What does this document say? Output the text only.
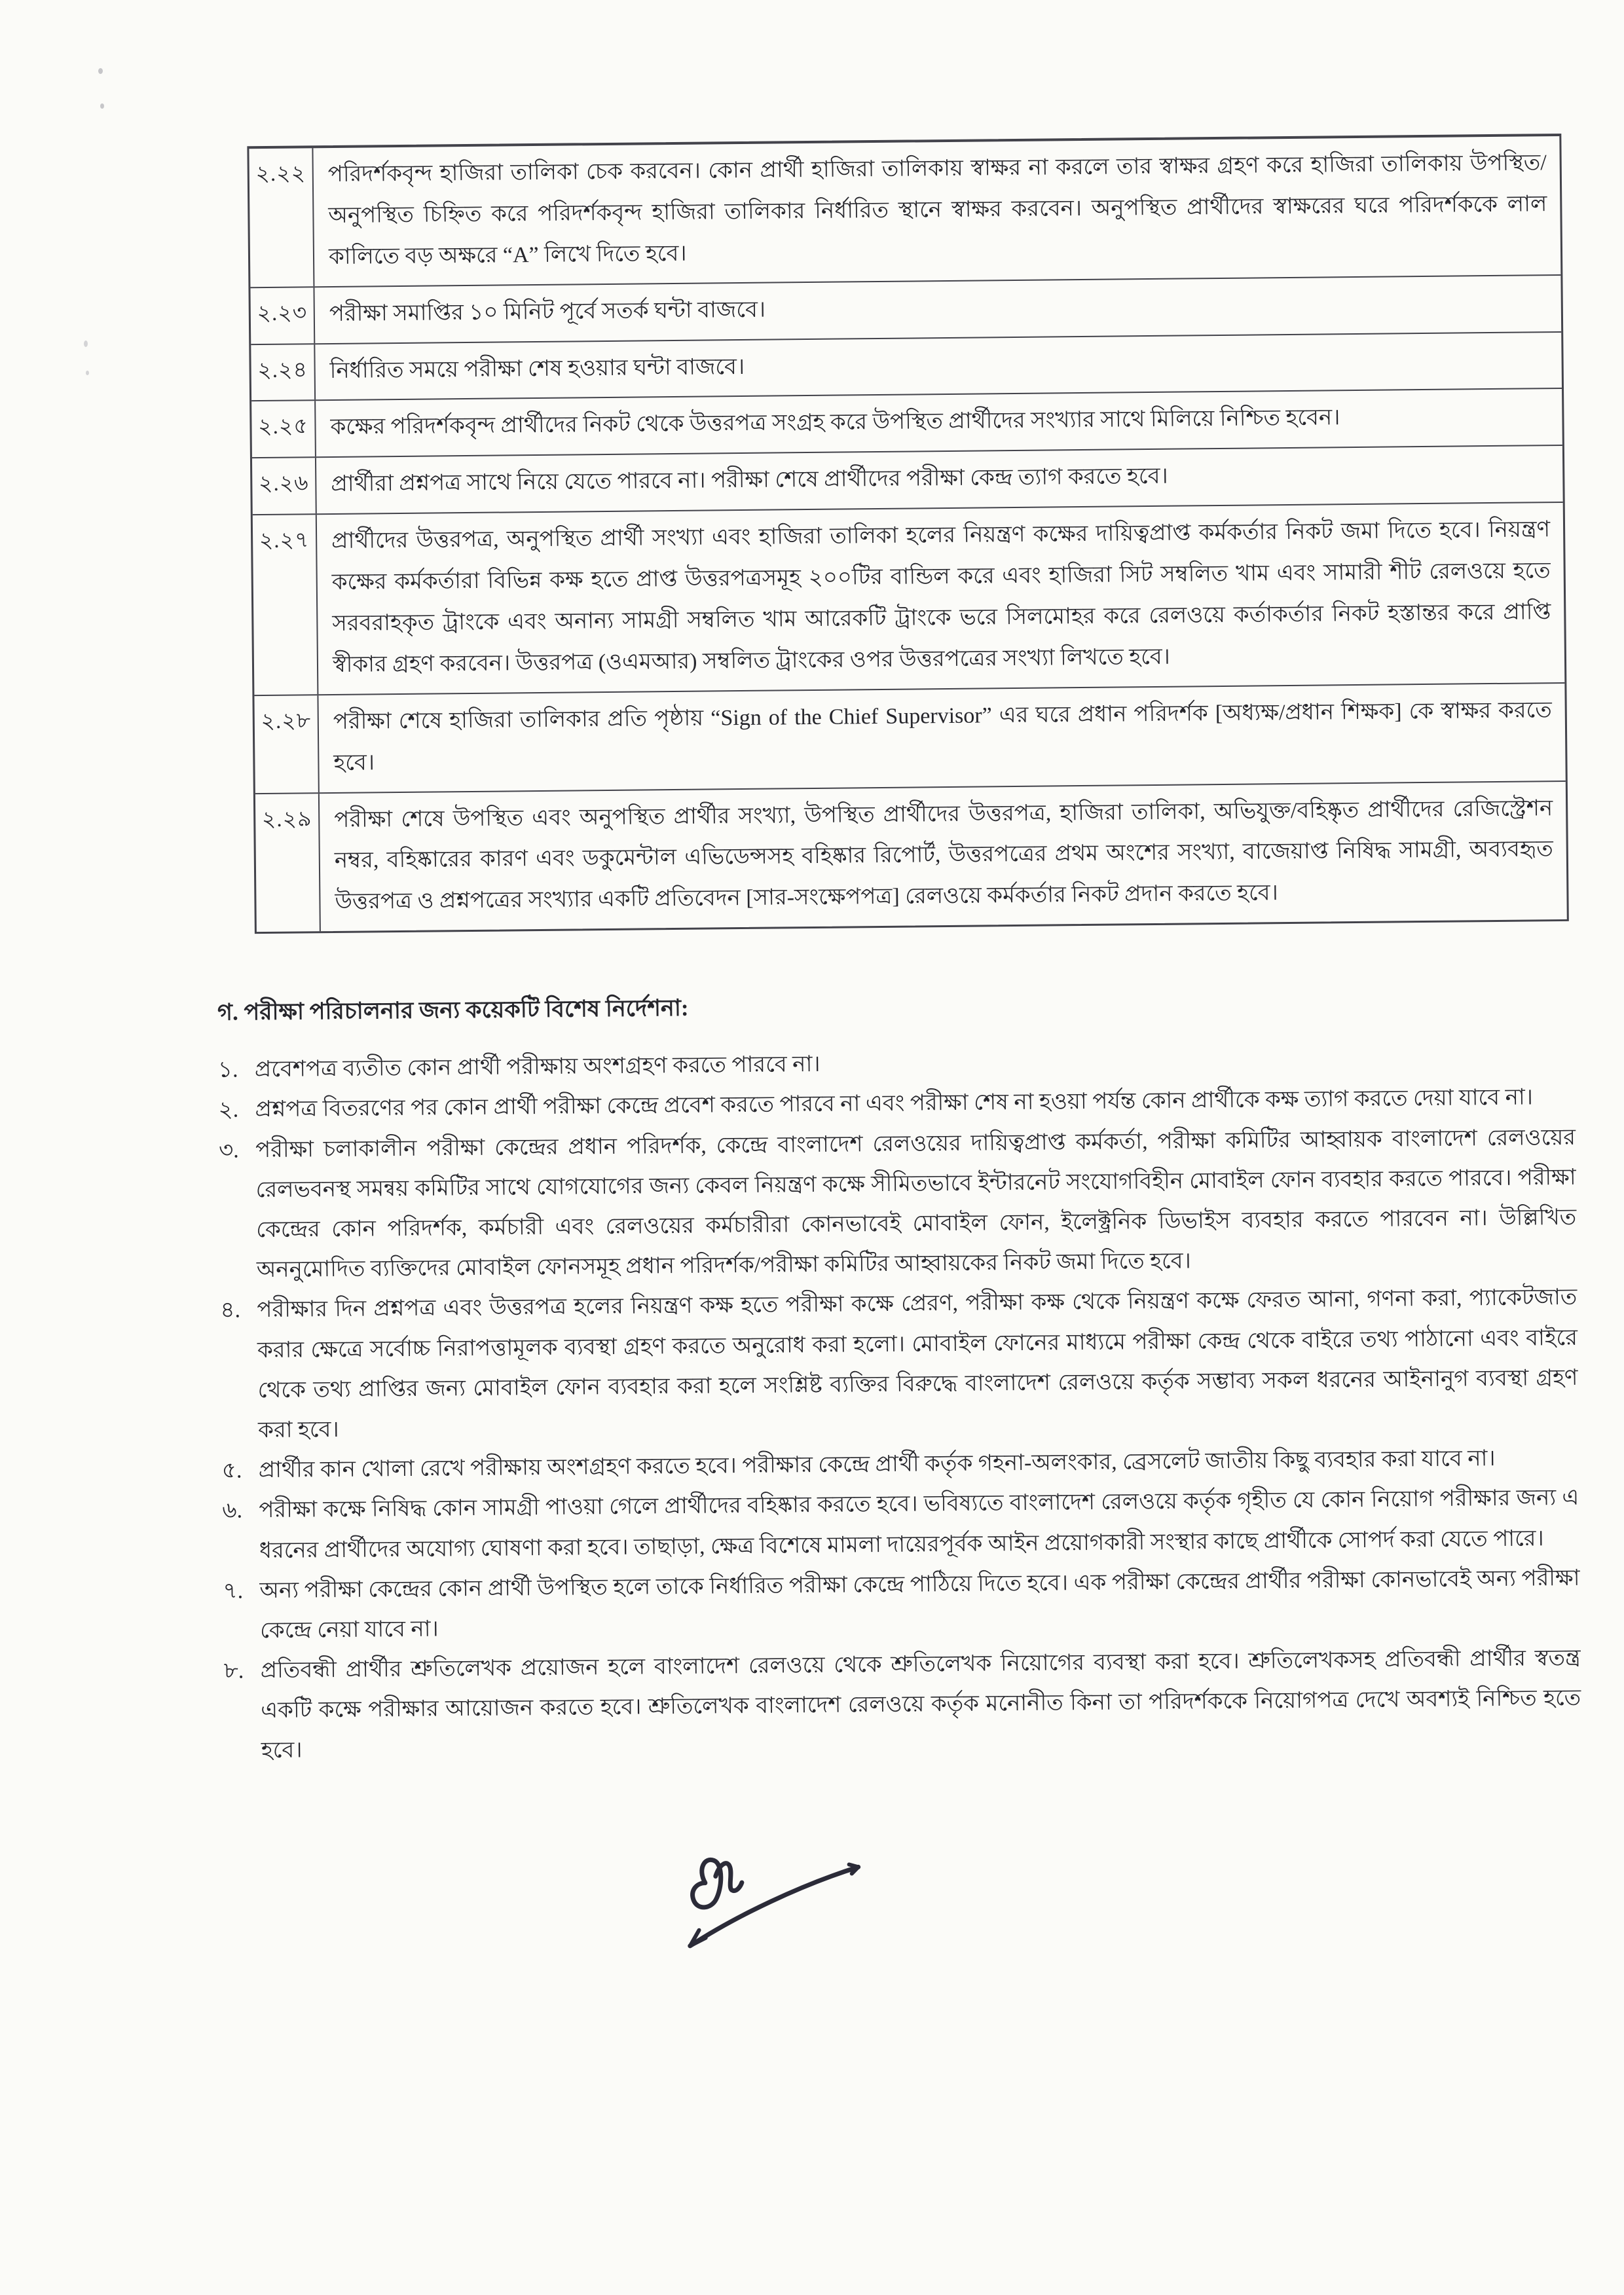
২.২২ পরিদর্শকবৃন্দ হাজিরা তালিকা চেক করবেন। কোন প্রার্থী হাজিরা তালিকায় স্বাক্ষর না করলে তার স্বাক্ষর গ্রহণ করে হাজিরা তালিকায় উপস্থিত/অনুপস্থিত চিহ্নিত করে পরিদর্শকবৃন্দ হাজিরা তালিকার নির্ধারিত স্থানে স্বাক্ষর করবেন। অনুপস্থিত প্রার্থীদের স্বাক্ষরের ঘরে পরিদর্শককে লাল কালিতে বড় অক্ষরে “A” লিখে দিতে হবে।
২.২৩ পরীক্ষা সমাপ্তির ১০ মিনিট পূর্বে সতর্ক ঘন্টা বাজবে।
২.২৪ নির্ধারিত সময়ে পরীক্ষা শেষ হওয়ার ঘন্টা বাজবে।
২.২৫ কক্ষের পরিদর্শকবৃন্দ প্রার্থীদের নিকট থেকে উত্তরপত্র সংগ্রহ করে উপস্থিত প্রার্থীদের সংখ্যার সাথে মিলিয়ে নিশ্চিত হবেন।
২.২৬ প্রার্থীরা প্রশ্নপত্র সাথে নিয়ে যেতে পারবে না। পরীক্ষা শেষে প্রার্থীদের পরীক্ষা কেন্দ্র ত্যাগ করতে হবে।
২.২৭ প্রার্থীদের উত্তরপত্র, অনুপস্থিত প্রার্থী সংখ্যা এবং হাজিরা তালিকা হলের নিয়ন্ত্রণ কক্ষের দায়িত্বপ্রাপ্ত কর্মকর্তার নিকট জমা দিতে হবে। নিয়ন্ত্রণ কক্ষের কর্মকর্তারা বিভিন্ন কক্ষ হতে প্রাপ্ত উত্তরপত্রসমূহ ২০০টির বান্ডিল করে এবং হাজিরা সিট সম্বলিত খাম এবং সামারী শীট রেলওয়ে হতে সরবরাহকৃত ট্রাংকে এবং অনান্য সামগ্রী সম্বলিত খাম আরেকটি ট্রাংকে ভরে সিলমোহর করে রেলওয়ে কর্তাকর্তার নিকট হস্তান্তর করে প্রাপ্তি স্বীকার গ্রহণ করবেন। উত্তরপত্র (ওএমআর) সম্বলিত ট্রাংকের ওপর উত্তরপত্রের সংখ্যা লিখতে হবে।
২.২৮ পরীক্ষা শেষে হাজিরা তালিকার প্রতি পৃষ্ঠায় “Sign of the Chief Supervisor” এর ঘরে প্রধান পরিদর্শক [অধ্যক্ষ/প্রধান শিক্ষক] কে স্বাক্ষর করতে হবে।
২.২৯ পরীক্ষা শেষে উপস্থিত এবং অনুপস্থিত প্রার্থীর সংখ্যা, উপস্থিত প্রার্থীদের উত্তরপত্র, হাজিরা তালিকা, অভিযুক্ত/বহিষ্কৃত প্রার্থীদের রেজিস্ট্রেশন নম্বর, বহিষ্কারের কারণ এবং ডকুমেন্টাল এভিডেন্সসহ বহিষ্কার রিপোর্ট, উত্তরপত্রের প্রথম অংশের সংখ্যা, বাজেয়াপ্ত নিষিদ্ধ সামগ্রী, অব্যবহৃত উত্তরপত্র ও প্রশ্নপত্রের সংখ্যার একটি প্রতিবেদন [সার-সংক্ষেপপত্র] রেলওয়ে কর্মকর্তার নিকট প্রদান করতে হবে।
গ. পরীক্ষা পরিচালনার জন্য কয়েকটি বিশেষ নির্দেশনা:
১. প্রবেশপত্র ব্যতীত কোন প্রার্থী পরীক্ষায় অংশগ্রহণ করতে পারবে না।
২. প্রশ্নপত্র বিতরণের পর কোন প্রার্থী পরীক্ষা কেন্দ্রে প্রবেশ করতে পারবে না এবং পরীক্ষা শেষ না হওয়া পর্যন্ত কোন প্রার্থীকে কক্ষ ত্যাগ করতে দেয়া যাবে না।
৩. পরীক্ষা চলাকালীন পরীক্ষা কেন্দ্রের প্রধান পরিদর্শক, কেন্দ্রে বাংলাদেশ রেলওয়ের দায়িত্বপ্রাপ্ত কর্মকর্তা, পরীক্ষা কমিটির আহ্বায়ক বাংলাদেশ রেলওয়ের রেলভবনস্থ সমন্বয় কমিটির সাথে যোগযোগের জন্য কেবল নিয়ন্ত্রণ কক্ষে সীমিতভাবে ইন্টারনেট সংযোগবিহীন মোবাইল ফোন ব্যবহার করতে পারবে। পরীক্ষা কেন্দ্রের কোন পরিদর্শক, কর্মচারী এবং রেলওয়ের কর্মচারীরা কোনভাবেই মোবাইল ফোন, ইলেক্ট্রনিক ডিভাইস ব্যবহার করতে পারবেন না। উল্লিখিত অননুমোদিত ব্যক্তিদের মোবাইল ফোনসমূহ প্রধান পরিদর্শক/পরীক্ষা কমিটির আহ্বায়কের নিকট জমা দিতে হবে।
৪. পরীক্ষার দিন প্রশ্নপত্র এবং উত্তরপত্র হলের নিয়ন্ত্রণ কক্ষ হতে পরীক্ষা কক্ষে প্রেরণ, পরীক্ষা কক্ষ থেকে নিয়ন্ত্রণ কক্ষে ফেরত আনা, গণনা করা, প্যাকেটজাত করার ক্ষেত্রে সর্বোচ্চ নিরাপত্তামূলক ব্যবস্থা গ্রহণ করতে অনুরোধ করা হলো। মোবাইল ফোনের মাধ্যমে পরীক্ষা কেন্দ্র থেকে বাইরে তথ্য পাঠানো এবং বাইরে থেকে তথ্য প্রাপ্তির জন্য মোবাইল ফোন ব্যবহার করা হলে সংশ্লিষ্ট ব্যক্তির বিরুদ্ধে বাংলাদেশ রেলওয়ে কর্তৃক সম্ভাব্য সকল ধরনের আইনানুগ ব্যবস্থা গ্রহণ করা হবে।
৫. প্রার্থীর কান খোলা রেখে পরীক্ষায় অংশগ্রহণ করতে হবে। পরীক্ষার কেন্দ্রে প্রার্থী কর্তৃক গহনা-অলংকার, ব্রেসলেট জাতীয় কিছু ব্যবহার করা যাবে না।
৬. পরীক্ষা কক্ষে নিষিদ্ধ কোন সামগ্রী পাওয়া গেলে প্রার্থীদের বহিষ্কার করতে হবে। ভবিষ্যতে বাংলাদেশ রেলওয়ে কর্তৃক গৃহীত যে কোন নিয়োগ পরীক্ষার জন্য এ ধরনের প্রার্থীদের অযোগ্য ঘোষণা করা হবে। তাছাড়া, ক্ষেত্র বিশেষে মামলা দায়েরপূর্বক আইন প্রয়োগকারী সংস্থার কাছে প্রার্থীকে সোপর্দ করা যেতে পারে।
৭. অন্য পরীক্ষা কেন্দ্রের কোন প্রার্থী উপস্থিত হলে তাকে নির্ধারিত পরীক্ষা কেন্দ্রে পাঠিয়ে দিতে হবে। এক পরীক্ষা কেন্দ্রের প্রার্থীর পরীক্ষা কোনভাবেই অন্য পরীক্ষা কেন্দ্রে নেয়া যাবে না।
৮. প্রতিবন্ধী প্রার্থীর শ্রুতিলেখক প্রয়োজন হলে বাংলাদেশ রেলওয়ে থেকে শ্রুতিলেখক নিয়োগের ব্যবস্থা করা হবে। শ্রুতিলেখকসহ প্রতিবন্ধী প্রার্থীর স্বতন্ত্র একটি কক্ষে পরীক্ষার আয়োজন করতে হবে। শ্রুতিলেখক বাংলাদেশ রেলওয়ে কর্তৃক মনোনীত কিনা তা পরিদর্শককে নিয়োগপত্র দেখে অবশ্যই নিশ্চিত হতে হবে।
